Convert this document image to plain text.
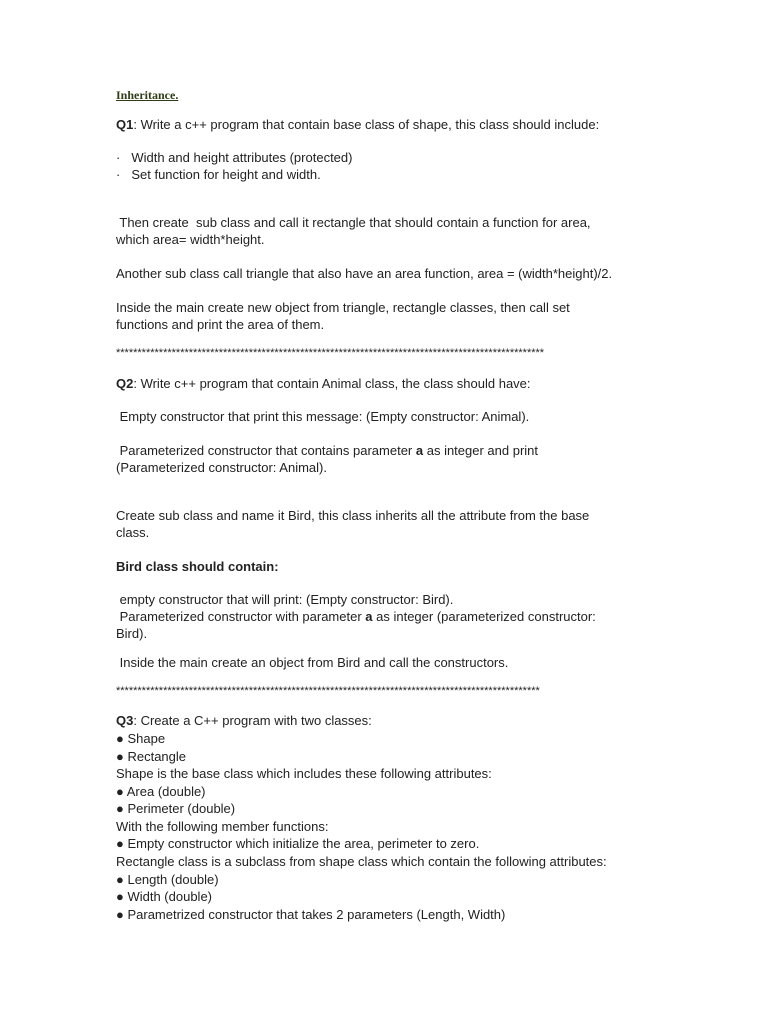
Inheritance.
Q1: Write a c++ program that contain base class of shape, this class should include:
· Width and height attributes (protected)
· Set function for height and width.
Then create  sub class and call it rectangle that should contain a function for area,
which area= width*height.
Another sub class call triangle that also have an area function, area = (width*height)/2.
Inside the main create new object from triangle, rectangle classes, then call set
functions and print the area of them.
****************************************************************************************************
Q2: Write c++ program that contain Animal class, the class should have:
Empty constructor that print this message: (Empty constructor: Animal).
Parameterized constructor that contains parameter a as integer and print
(Parameterized constructor: Animal).
Create sub class and name it Bird, this class inherits all the attribute from the base
class.
Bird class should contain:
empty constructor that will print: (Empty constructor: Bird).
Parameterized constructor with parameter a as integer (parameterized constructor:
Bird).
Inside the main create an object from Bird and call the constructors.
***************************************************************************************************
Q3: Create a C++ program with two classes:
● Shape
● Rectangle
Shape is the base class which includes these following attributes:
● Area (double)
● Perimeter (double)
With the following member functions:
● Empty constructor which initialize the area, perimeter to zero.
Rectangle class is a subclass from shape class which contain the following attributes:
● Length (double)
● Width (double)
● Parametrized constructor that takes 2 parameters (Length, Width)
